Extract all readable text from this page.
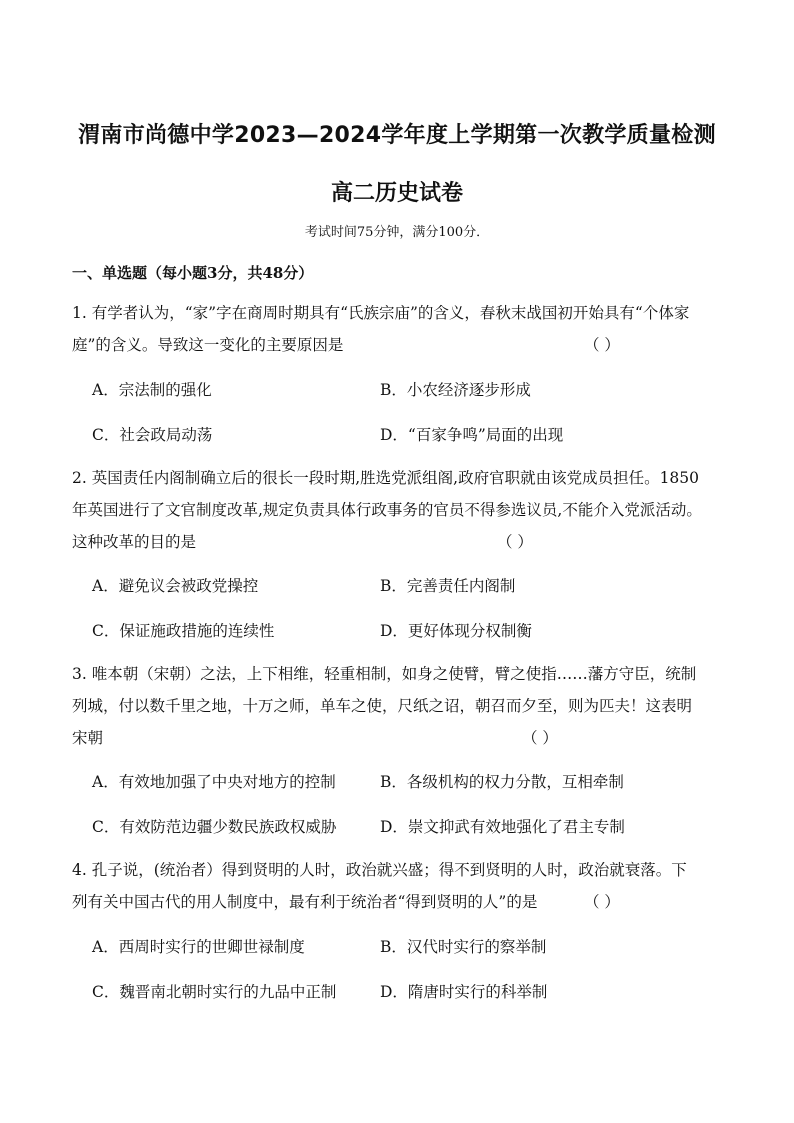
渭南市尚德中学2023—2024学年度上学期第一次教学质量检测
高二历史试卷
考试时间75分钟，满分100分．
一、单选题（每小题3分，共48分）
1. 有学者认为，“家”字在商周时期具有“氏族宗庙”的含义，春秋末战国初开始具有“个体家
庭”的含义。导致这一变化的主要原因是	（ ）
A．宗法制的强化	B．小农经济逐步形成
C．社会政局动荡	D．“百家争鸣”局面的出现
2. 英国责任内阁制确立后的很长一段时期,胜选党派组阁,政府官职就由该党成员担任。1850
年英国进行了文官制度改革,规定负责具体行政事务的官员不得参选议员,不能介入党派活动。
这种改革的目的是	（ ）
A．避免议会被政党操控	B．完善责任内阁制
C．保证施政措施的连续性	D．更好体现分权制衡
3. 唯本朝（宋朝）之法，上下相维，轻重相制，如身之使臂，臂之使指……藩方守臣，统制
列城，付以数千里之地，十万之师，单车之使，尺纸之诏，朝召而夕至，则为匹夫！这表明
宋朝	（ ）
A．有效地加强了中央对地方的控制	B．各级机构的权力分散，互相牵制
C．有效防范边疆少数民族政权威胁	D．崇文抑武有效地强化了君主专制
4. 孔子说，(统治者）得到贤明的人时，政治就兴盛；得不到贤明的人时，政治就衰落。下
列有关中国古代的用人制度中，最有利于统治者“得到贤明的人”的是	（ ）
A．西周时实行的世卿世禄制度	B．汉代时实行的察举制
C．魏晋南北朝时实行的九品中正制	D．隋唐时实行的科举制
